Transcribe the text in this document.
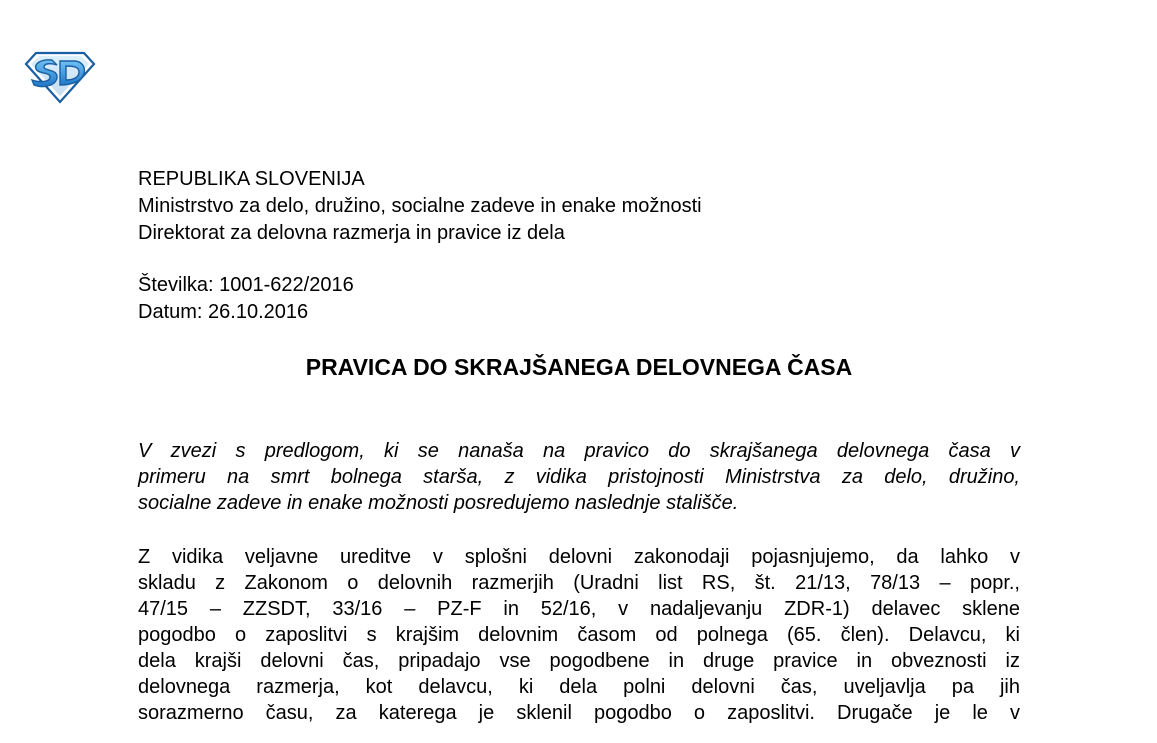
REPUBLIKA SLOVENIJA
Ministrstvo za delo, družino, socialne zadeve in enake možnosti
Direktorat za delovna razmerja in pravice iz dela
Številka: 1001-622/2016
Datum: 26.10.2016
PRAVICA DO SKRAJŠANEGA DELOVNEGA ČASA

V zvezi s predlogom, ki se nanaša na pravico do skrajšanega delovnega časa v
primeru na smrt bolnega starša, z vidika pristojnosti Ministrstva za delo, družino,
socialne zadeve in enake možnosti posredujemo naslednje stališče.

Z vidika veljavne ureditve v splošni delovni zakonodaji pojasnjujemo, da lahko v
skladu z Zakonom o delovnih razmerjih (Uradni list RS, št. 21/13, 78/13 – popr.,
47/15 – ZZSDT, 33/16 – PZ-F in 52/16, v nadaljevanju ZDR-1) delavec sklene
pogodbo o zaposlitvi s krajšim delovnim časom od polnega (65. člen). Delavcu, ki
dela krajši delovni čas, pripadajo vse pogodbene in druge pravice in obveznosti iz
delovnega razmerja, kot delavcu, ki dela polni delovni čas, uveljavlja pa jih
sorazmerno času, za katerega je sklenil pogodbo o zaposlitvi. Drugače je le v
